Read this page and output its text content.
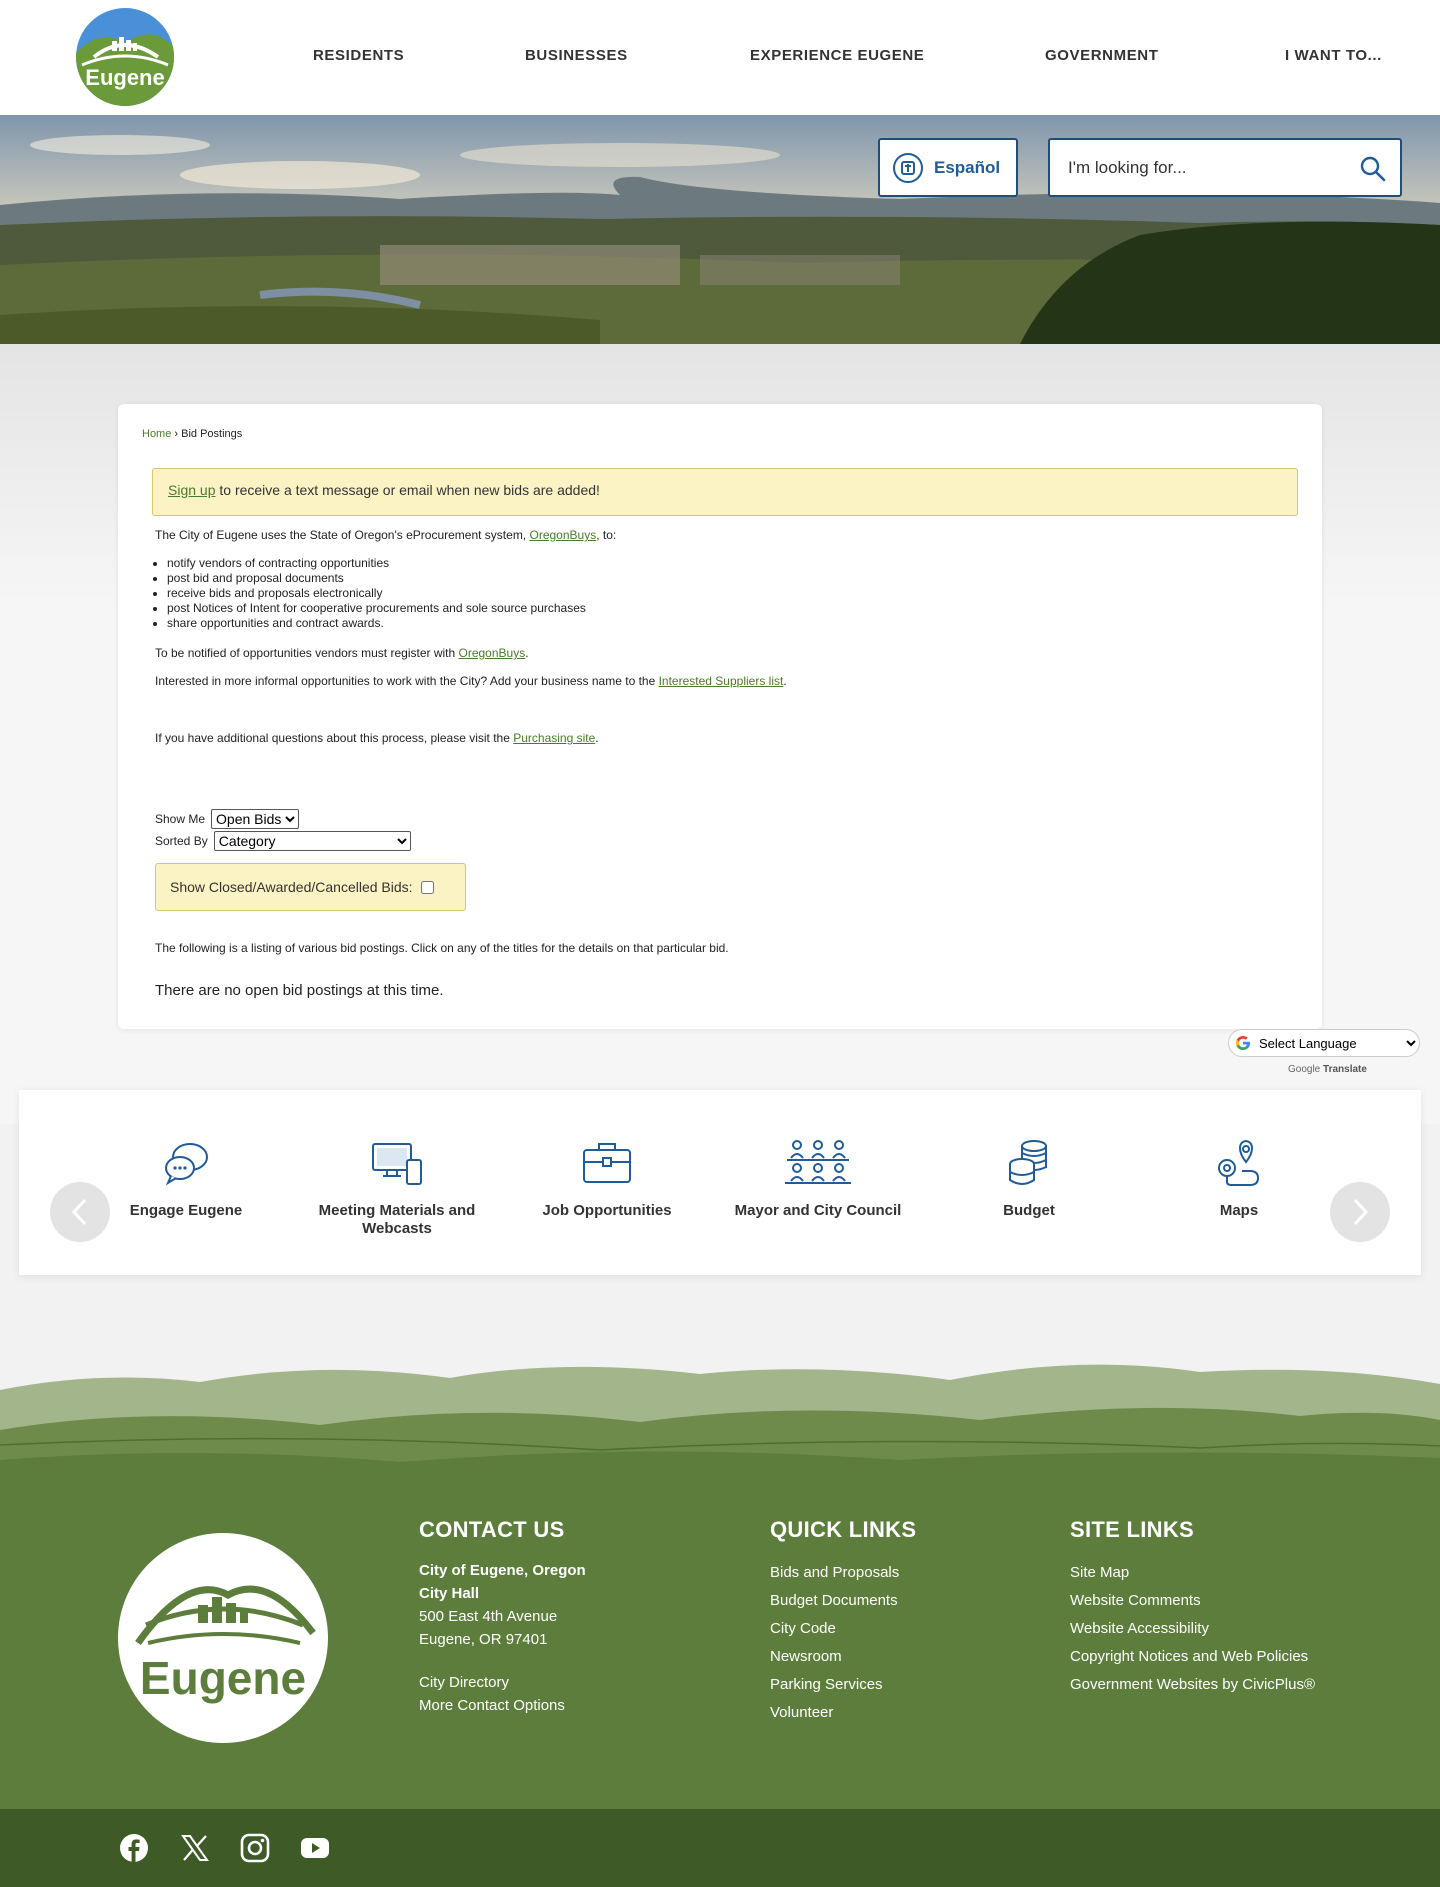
Eugene
RESIDENTS	BUSINESSES	EXPERIENCE EUGENE	GOVERNMENT	I WANT TO...
Español
I'm looking for...
Home › Bid Postings
Sign up to receive a text message or email when new bids are added!

The City of Eugene uses the State of Oregon's eProcurement system, OregonBuys, to:

• notify vendors of contracting opportunities
• post bid and proposal documents
• receive bids and proposals electronically
• post Notices of Intent for cooperative procurements and sole source purchases
• share opportunities and contract awards.

To be notified of opportunities vendors must register with OregonBuys.

Interested in more informal opportunities to work with the City? Add your business name to the Interested Suppliers list.

If you have additional questions about this process, please visit the Purchasing site.

Show Me
Open Bids
Sorted By
Category
Show Closed/Awarded/Cancelled Bids:

The following is a listing of various bid postings. Click on any of the titles for the details on that particular bid.

There are no open bid postings at this time.

Select Language
Google Translate
Engage Eugene	Meeting Materials and Webcasts
Job Opportunities	Mayor and City Council	Budget	Maps
Eugene
CONTACT US
City of Eugene, Oregon
City Hall
500 East 4th Avenue
Eugene, OR 97401
City Directory
More Contact Options
QUICK LINKS
Bids and Proposals
Budget Documents
City Code
Newsroom
Parking Services
Volunteer
SITE LINKS
Site Map
Website Comments
Website Accessibility
Copyright Notices and Web Policies
Government Websites by CivicPlus®
